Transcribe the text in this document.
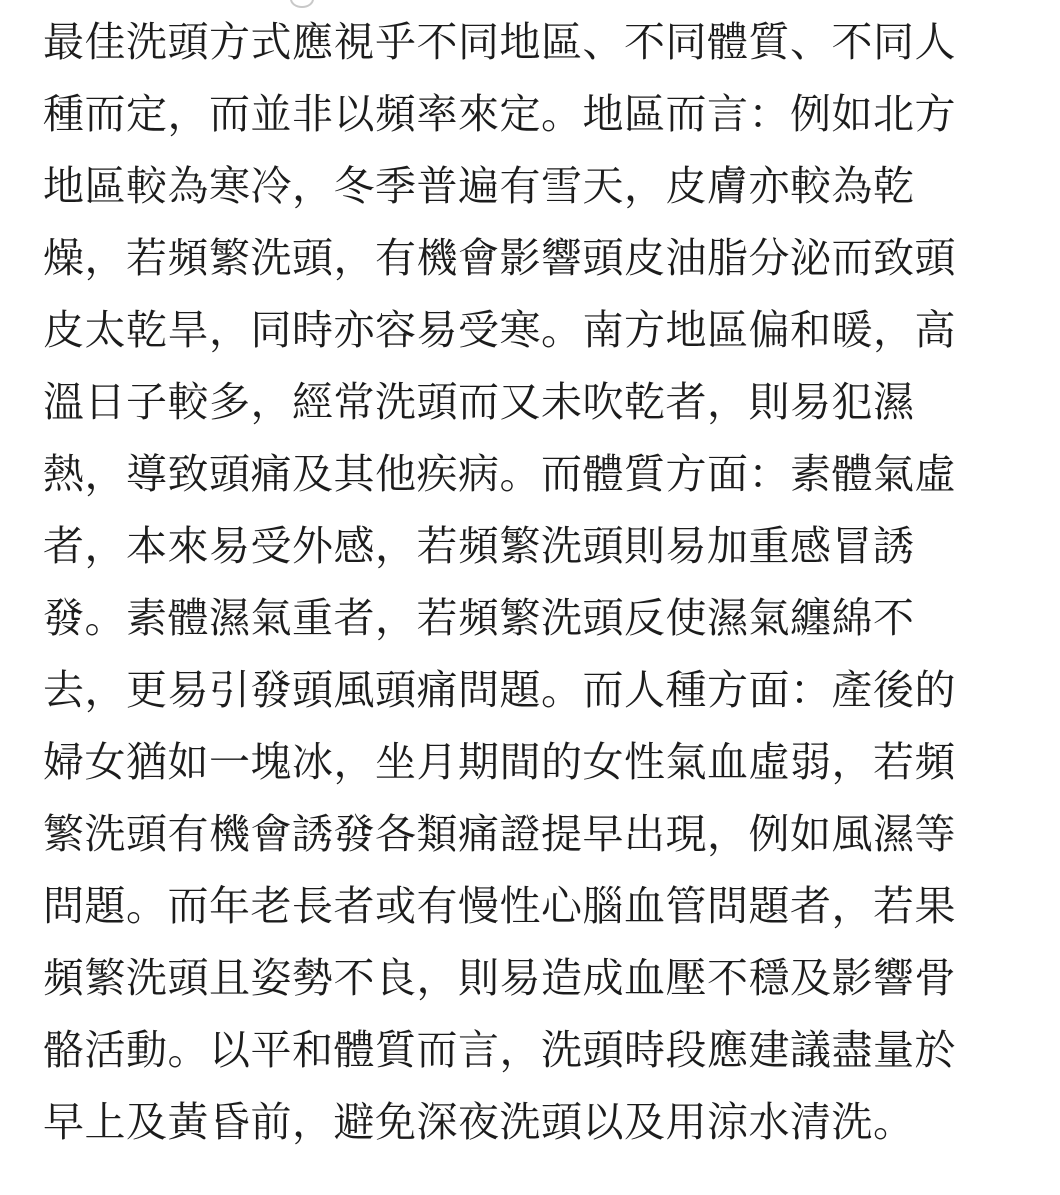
最佳洗頭方式應視乎不同地區、不同體質、不同人
種而定，而並非以頻率來定。地區而言：例如北方
地區較為寒冷，冬季普遍有雪天，皮膚亦較為乾
燥，若頻繁洗頭，有機會影響頭皮油脂分泌而致頭
皮太乾旱，同時亦容易受寒。南方地區偏和暖，高
溫日子較多，經常洗頭而又未吹乾者，則易犯濕
熱，導致頭痛及其他疾病。而體質方面：素體氣虛
者，本來易受外感，若頻繁洗頭則易加重感冒誘
發。素體濕氣重者，若頻繁洗頭反使濕氣纏綿不
去，更易引發頭風頭痛問題。而人種方面：產後的
婦女猶如一塊冰，坐月期間的女性氣血虛弱，若頻
繁洗頭有機會誘發各類痛證提早出現，例如風濕等
問題。而年老長者或有慢性心腦血管問題者，若果
頻繁洗頭且姿勢不良，則易造成血壓不穩及影響骨
骼活動。以平和體質而言，洗頭時段應建議盡量於
早上及黃昏前，避免深夜洗頭以及用涼水清洗。
